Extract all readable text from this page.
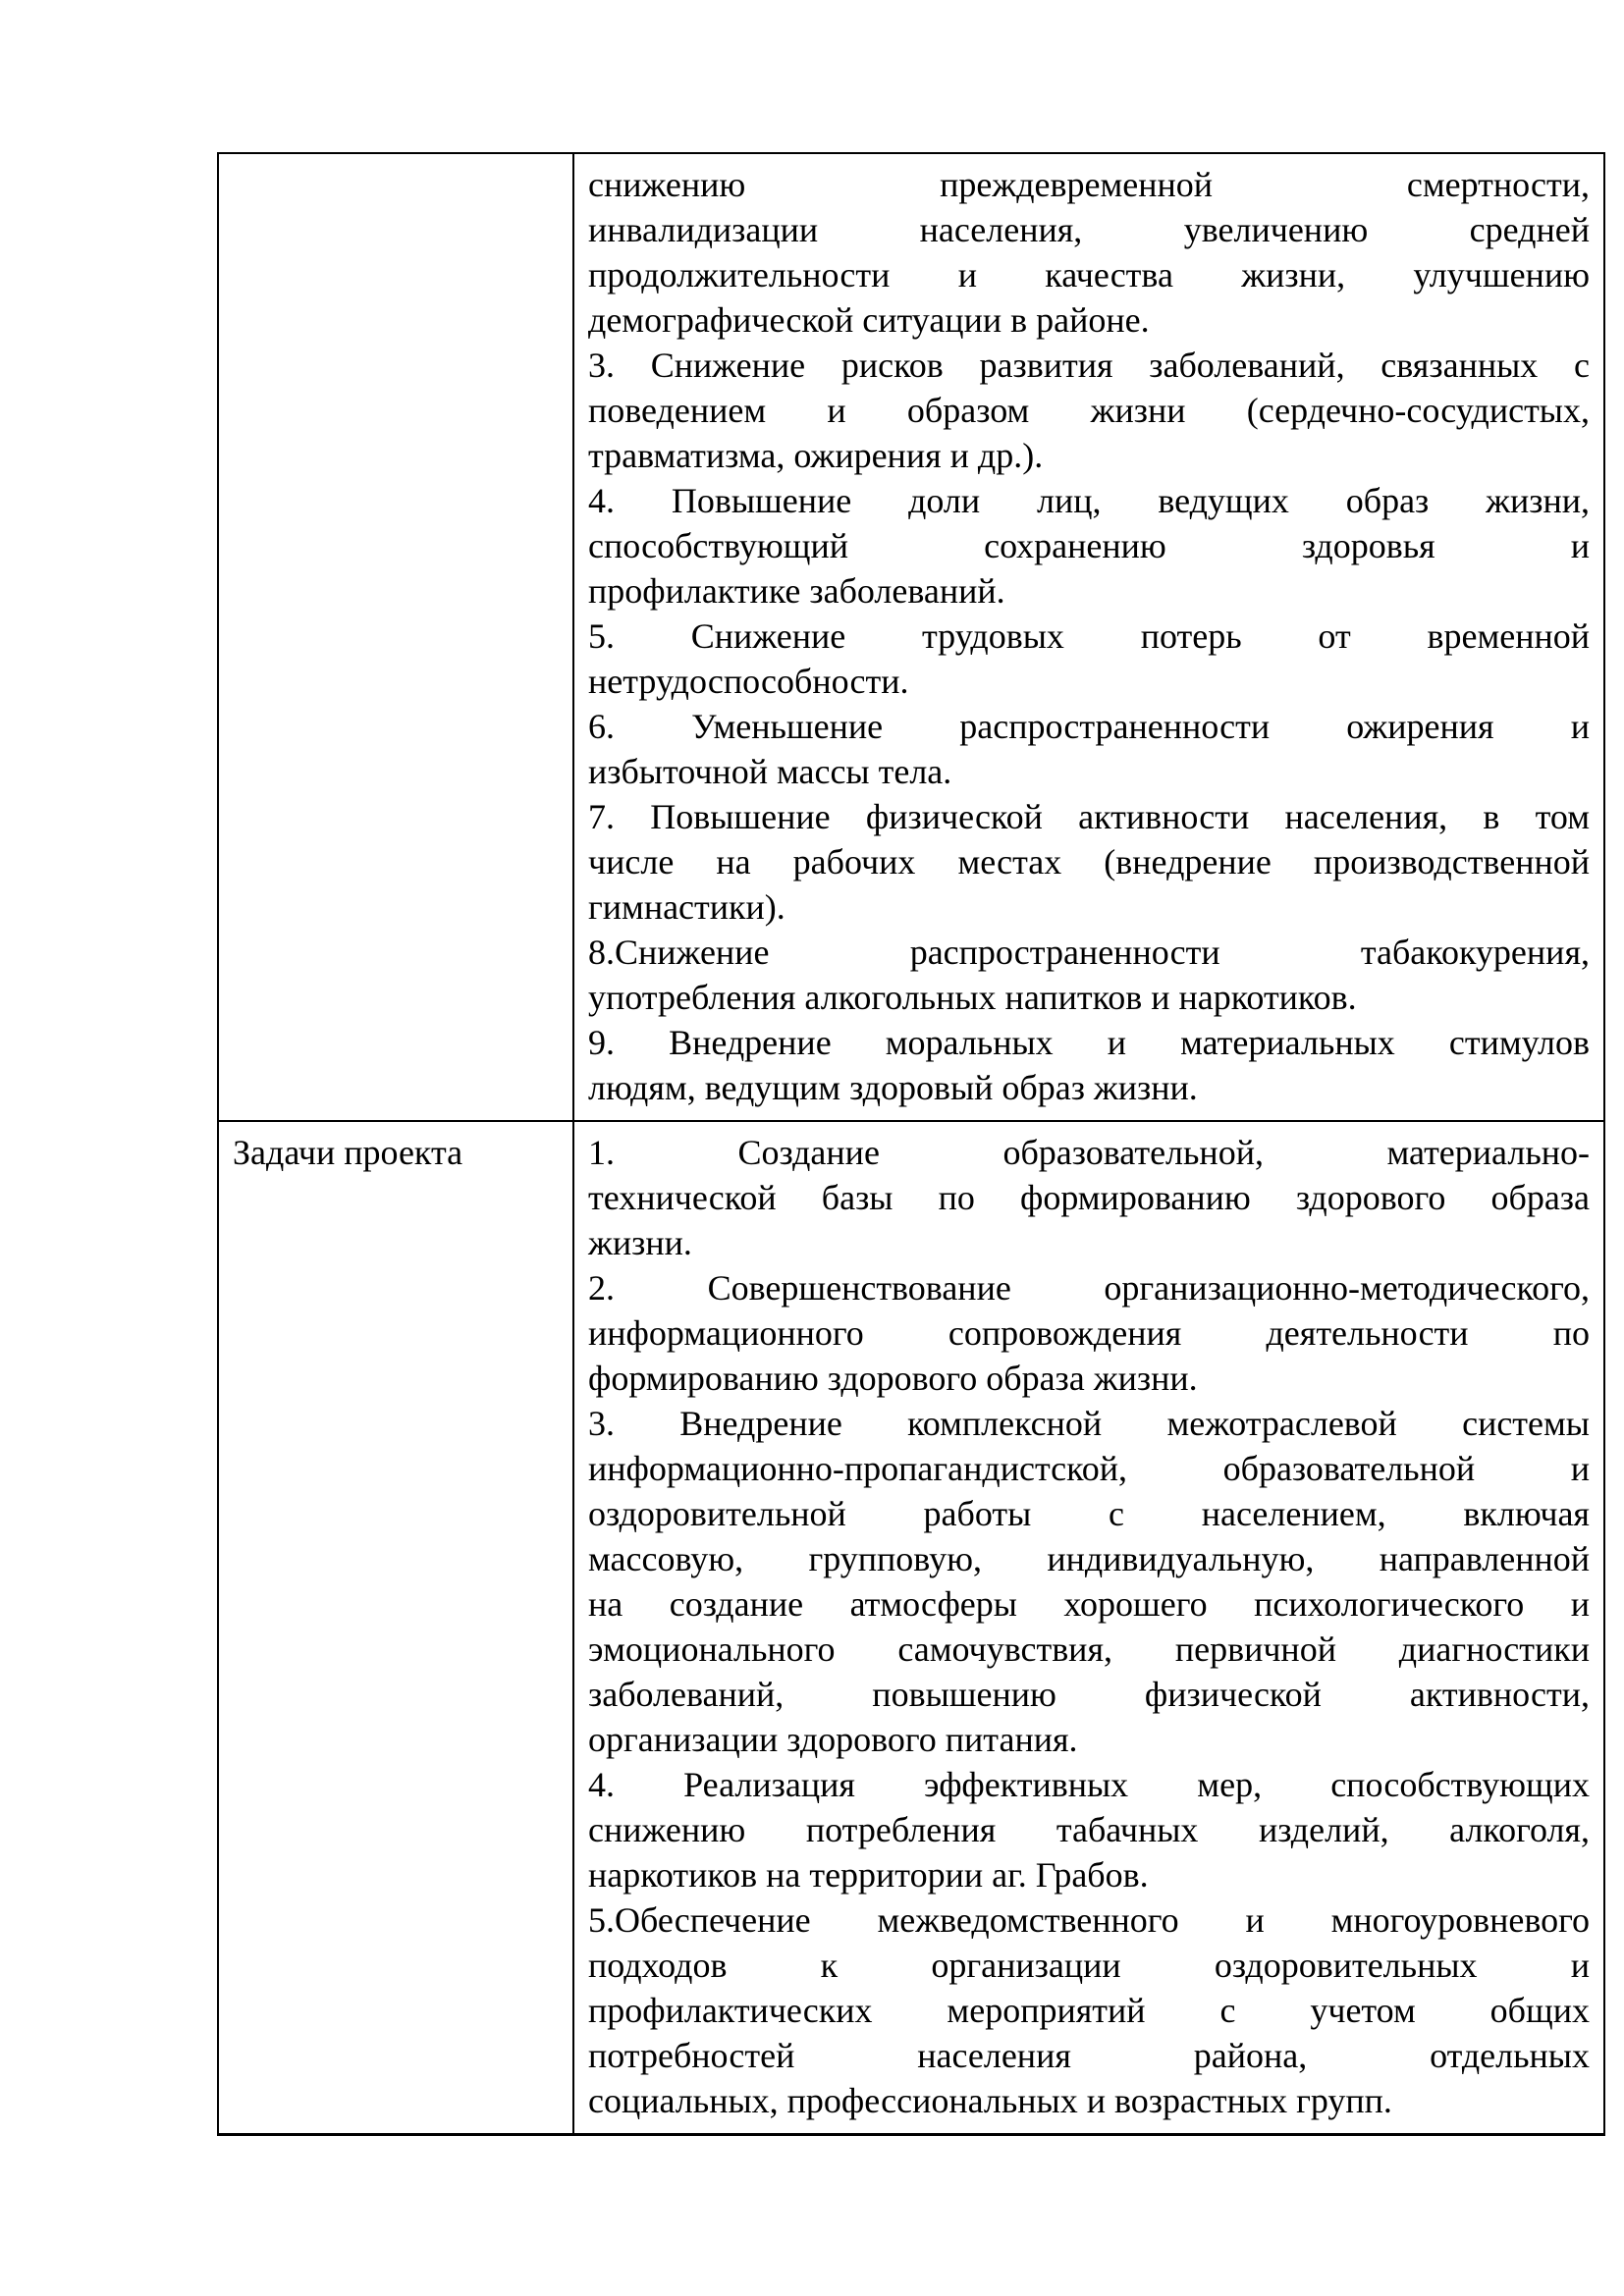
снижению преждевременной смертности,
инвалидизации населения, увеличению средней
продолжительности и качества жизни, улучшению
демографической ситуации в районе.
3. Снижение рисков развития заболеваний, связанных с
поведением и образом жизни (сердечно-сосудистых,
травматизма, ожирения и др.).
4. Повышение доли лиц, ведущих образ жизни,
способствующий сохранению здоровья и
профилактике заболеваний.
5. Снижение трудовых потерь от временной
нетрудоспособности.
6. Уменьшение распространенности ожирения и
избыточной массы тела.
7. Повышение физической активности населения, в том
числе на рабочих местах (внедрение производственной
гимнастики).
8.Снижение распространенности табакокурения,
употребления алкогольных напитков и наркотиков.
9. Внедрение моральных и материальных стимулов
людям, ведущим здоровый образ жизни.

Задачи проекта	1. Создание образовательной, материально-
технической базы по формированию здорового образа
жизни.
2. Совершенствование организационно-методического,
информационного сопровождения деятельности по
формированию здорового образа жизни.
3. Внедрение комплексной межотраслевой системы
информационно-пропагандистской, образовательной и
оздоровительной работы с населением, включая
массовую, групповую, индивидуальную, направленной
на создание атмосферы хорошего психологического и
эмоционального самочувствия, первичной диагностики
заболеваний, повышению физической активности,
организации здорового питания.
4. Реализация эффективных мер, способствующих
снижению потребления табачных изделий, алкоголя,
наркотиков на территории аг. Грабов.
5.Обеспечение межведомственного и многоуровневого
подходов к организации оздоровительных и
профилактических мероприятий с учетом общих
потребностей населения района, отдельных
социальных, профессиональных и возрастных групп.
